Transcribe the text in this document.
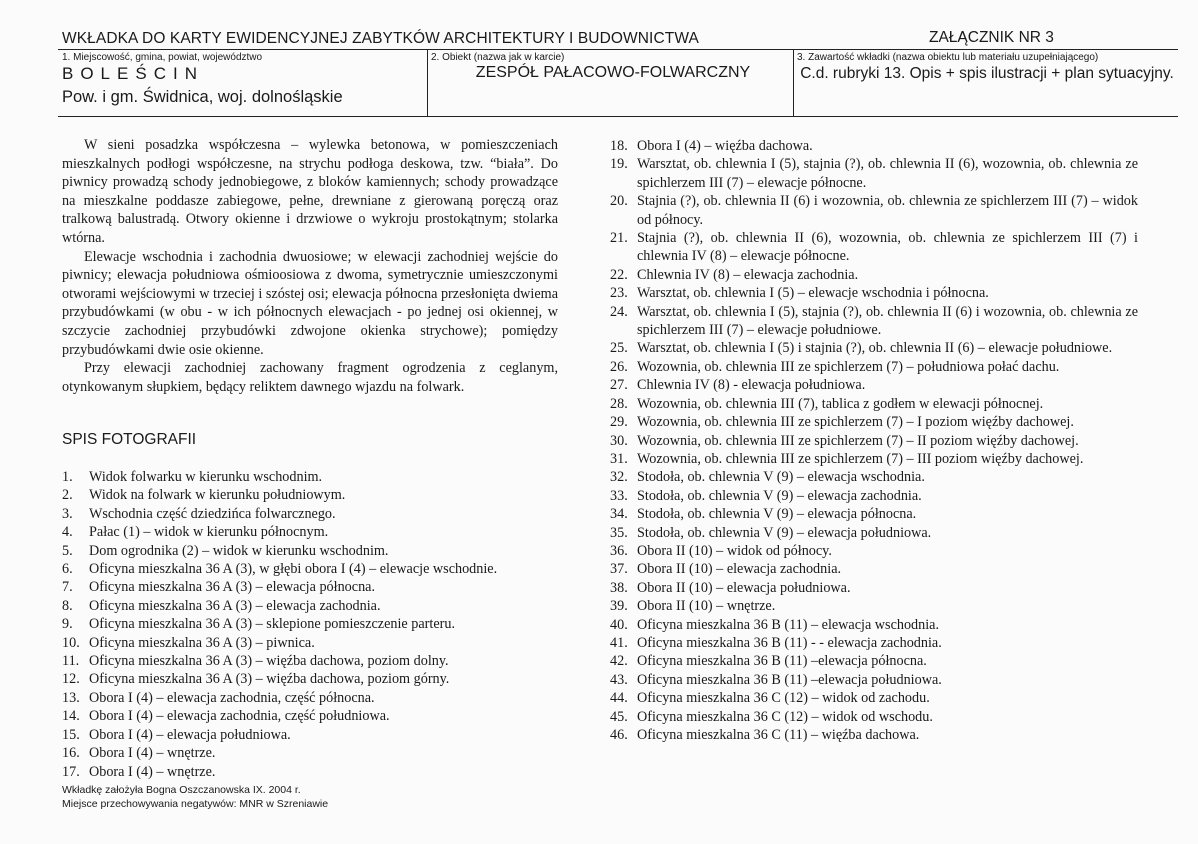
WKŁADKA DO KARTY EWIDENCYJNEJ ZABYTKÓW ARCHITEKTURY I BUDOWNICTWA	ZAŁĄCZNIK NR 3
1. Miejscowość, gmina, powiat, województwo
BOLEŚCIN
Pow. i gm. Świdnica, woj. dolnośląskie
2. Obiekt (nazwa jak w karcie)
ZESPÓŁ PAŁACOWO-FOLWARCZNY
3. Zawartość wkładki (nazwa obiektu lub materiału uzupełniającego)
C.d. rubryki 13. Opis + spis ilustracji + plan sytuacyjny.

W sieni posadzka współczesna – wylewka betonowa, w pomieszczeniach mieszkalnych podłogi współczesne, na strychu podłoga deskowa, tzw. “biała”. Do piwnicy prowadzą schody jednobiegowe, z bloków kamiennych; schody prowadzące na mieszkalne poddasze zabiegowe, pełne, drewniane z gierowaną poręczą oraz tralkową balustradą. Otwory okienne i drzwiowe o wykroju prostokątnym; stolarka wtórna.

Elewacje wschodnia i zachodnia dwuosiowe; w elewacji zachodniej wejście do piwnicy; elewacja południowa ośmioosiowa z dwoma, symetrycznie umieszczonymi otworami wejściowymi w trzeciej i szóstej osi; elewacja północna przesłonięta dwiema przybudówkami (w obu - w ich północnych elewacjach - po jednej osi okiennej, w szczycie zachodniej przybudówki zdwojone okienka strychowe); pomiędzy przybudówkami dwie osie okienne.

Przy elewacji zachodniej zachowany fragment ogrodzenia z ceglanym, otynkowanym słupkiem, będący reliktem dawnego wjazdu na folwark.

SPIS FOTOGRAFII
1. Widok folwarku w kierunku wschodnim.
2. Widok na folwark w kierunku południowym.
3. Wschodnia część dziedzińca folwarcznego.
4. Pałac (1) – widok w kierunku północnym.
5. Dom ogrodnika (2) – widok w kierunku wschodnim.
6. Oficyna mieszkalna 36 A (3), w głębi obora I (4) – elewacje wschodnie.
7. Oficyna mieszkalna 36 A (3) – elewacja północna.
8. Oficyna mieszkalna 36 A (3) – elewacja zachodnia.
9. Oficyna mieszkalna 36 A (3) – sklepione pomieszczenie parteru.
10. Oficyna mieszkalna 36 A (3) – piwnica.
11. Oficyna mieszkalna 36 A (3) – więźba dachowa, poziom dolny.
12. Oficyna mieszkalna 36 A (3) – więźba dachowa, poziom górny.
13. Obora I (4) – elewacja zachodnia, część północna.
14. Obora I (4) – elewacja zachodnia, część południowa.
15. Obora I (4) – elewacja południowa.
16. Obora I (4) – wnętrze.
17. Obora I (4) – wnętrze.
18. Obora I (4) – więźba dachowa.
19. Warsztat, ob. chlewnia I (5), stajnia (?), ob. chlewnia II (6), wozownia, ob. chlewnia ze spichlerzem III (7) – elewacje północne.
20. Stajnia (?), ob. chlewnia II (6) i wozownia, ob. chlewnia ze spichlerzem III (7) – widok od północy.
21. Stajnia (?), ob. chlewnia II (6), wozownia, ob. chlewnia ze spichlerzem III (7) i chlewnia IV (8) – elewacje północne.
22. Chlewnia IV (8) – elewacja zachodnia.
23. Warsztat, ob. chlewnia I (5) – elewacje wschodnia i północna.
24. Warsztat, ob. chlewnia I (5), stajnia (?), ob. chlewnia II (6) i wozownia, ob. chlewnia ze spichlerzem III (7) – elewacje południowe.
25. Warsztat, ob. chlewnia I (5) i stajnia (?), ob. chlewnia II (6) – elewacje południowe.
26. Wozownia, ob. chlewnia III ze spichlerzem (7) – południowa połać dachu.
27. Chlewnia IV (8) - elewacja południowa.
28. Wozownia, ob. chlewnia III (7), tablica z godłem w elewacji północnej.
29. Wozownia, ob. chlewnia III ze spichlerzem (7) – I poziom więźby dachowej.
30. Wozownia, ob. chlewnia III ze spichlerzem (7) – II poziom więźby dachowej.
31. Wozownia, ob. chlewnia III ze spichlerzem (7) – III poziom więźby dachowej.
32. Stodoła, ob. chlewnia V (9) – elewacja wschodnia.
33. Stodoła, ob. chlewnia V (9) – elewacja zachodnia.
34. Stodoła, ob. chlewnia V (9) – elewacja północna.
35. Stodoła, ob. chlewnia V (9) – elewacja południowa.
36. Obora II (10) – widok od północy.
37. Obora II (10) – elewacja zachodnia.
38. Obora II (10) – elewacja południowa.
39. Obora II (10) – wnętrze.
40. Oficyna mieszkalna 36 B (11) – elewacja wschodnia.
41. Oficyna mieszkalna 36 B (11) - - elewacja zachodnia.
42. Oficyna mieszkalna 36 B (11) –elewacja północna.
43. Oficyna mieszkalna 36 B (11) –elewacja południowa.
44. Oficyna mieszkalna 36 C (12) – widok od zachodu.
45. Oficyna mieszkalna 36 C (12) – widok od wschodu.
46. Oficyna mieszkalna 36 C (11) – więźba dachowa.
Wkładkę założyła Bogna Oszczanowska IX. 2004 r.
Miejsce przechowywania negatywów: MNR w Szreniawie
